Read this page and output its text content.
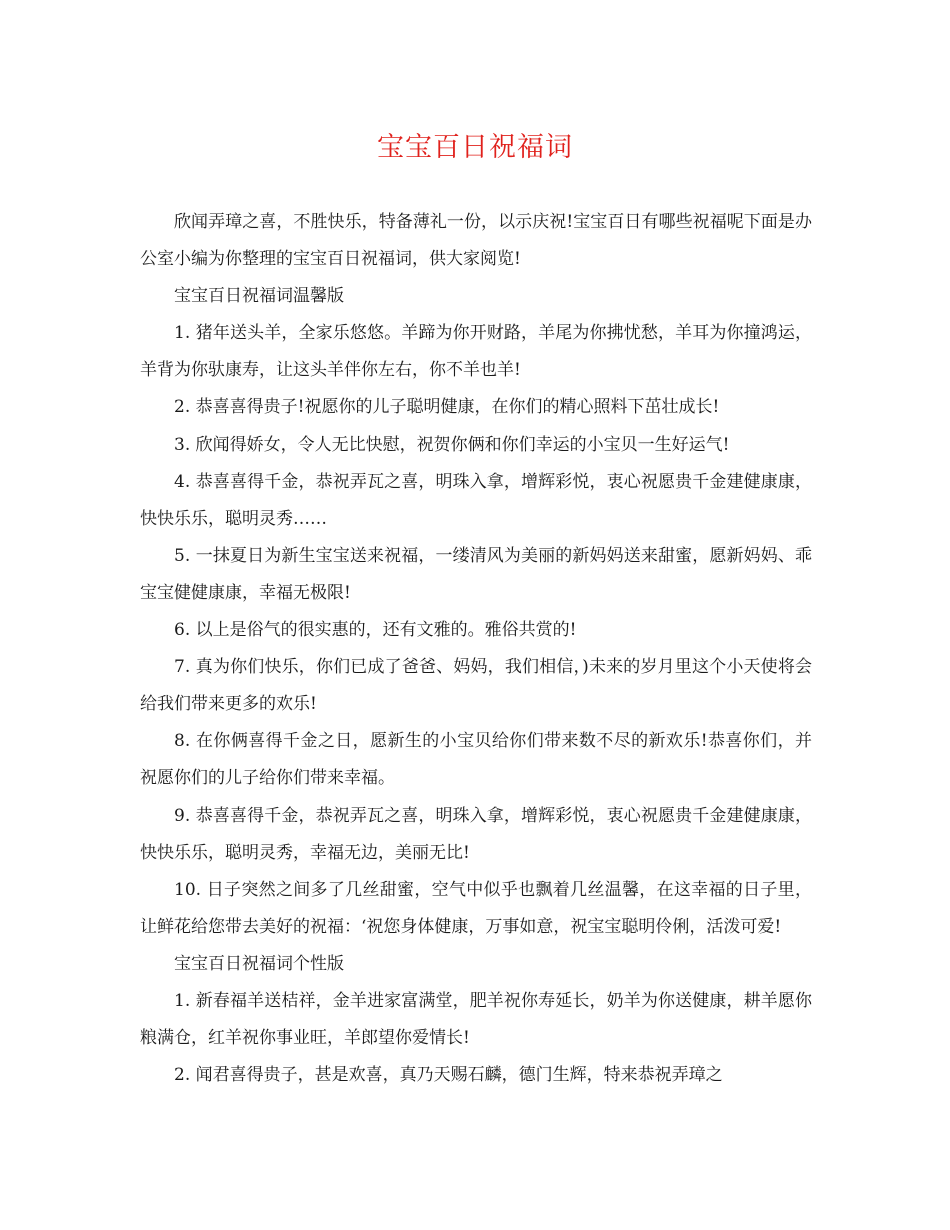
宝宝百日祝福词

欣闻弄璋之喜，不胜快乐，特备薄礼一份，以示庆祝!宝宝百日有哪些祝福呢下面是办公室小编为你整理的宝宝百日祝福词，供大家阅览!

宝宝百日祝福词温馨版

1. 猪年送头羊，全家乐悠悠。羊蹄为你开财路，羊尾为你拂忧愁，羊耳为你撞鸿运，羊背为你驮康寿，让这头羊伴你左右，你不羊也羊!

2. 恭喜喜得贵子!祝愿你的儿子聪明健康，在你们的精心照料下茁壮成长!

3. 欣闻得娇女，令人无比快慰，祝贺你俩和你们幸运的小宝贝一生好运气!

4. 恭喜喜得千金，恭祝弄瓦之喜，明珠入拿，增辉彩悦，衷心祝愿贵千金建健康康，快快乐乐，聪明灵秀……

5. 一抹夏日为新生宝宝送来祝福，一缕清风为美丽的新妈妈送来甜蜜，愿新妈妈、乖宝宝健健康康，幸福无极限!

6. 以上是俗气的很实惠的，还有文雅的。雅俗共赏的!

7. 真为你们快乐，你们已成了爸爸、妈妈，我们相信，)未来的岁月里这个小天使将会给我们带来更多的欢乐!

8. 在你俩喜得千金之日，愿新生的小宝贝给你们带来数不尽的新欢乐!恭喜你们，并祝愿你们的儿子给你们带来幸福。

9. 恭喜喜得千金，恭祝弄瓦之喜，明珠入拿，增辉彩悦，衷心祝愿贵千金建健康康，快快乐乐，聪明灵秀，幸福无边，美丽无比!

10. 日子突然之间多了几丝甜蜜，空气中似乎也飘着几丝温馨，在这幸福的日子里，让鲜花给您带去美好的祝福：‘祝您身体健康，万事如意，祝宝宝聪明伶俐，活泼可爱!

宝宝百日祝福词个性版

1. 新春福羊送桔祥，金羊进家富满堂，肥羊祝你寿延长，奶羊为你送健康，耕羊愿你粮满仓，红羊祝你事业旺，羊郎望你爱情长!

2. 闻君喜得贵子，甚是欢喜，真乃天赐石麟，德门生辉，特来恭祝弄璋之
